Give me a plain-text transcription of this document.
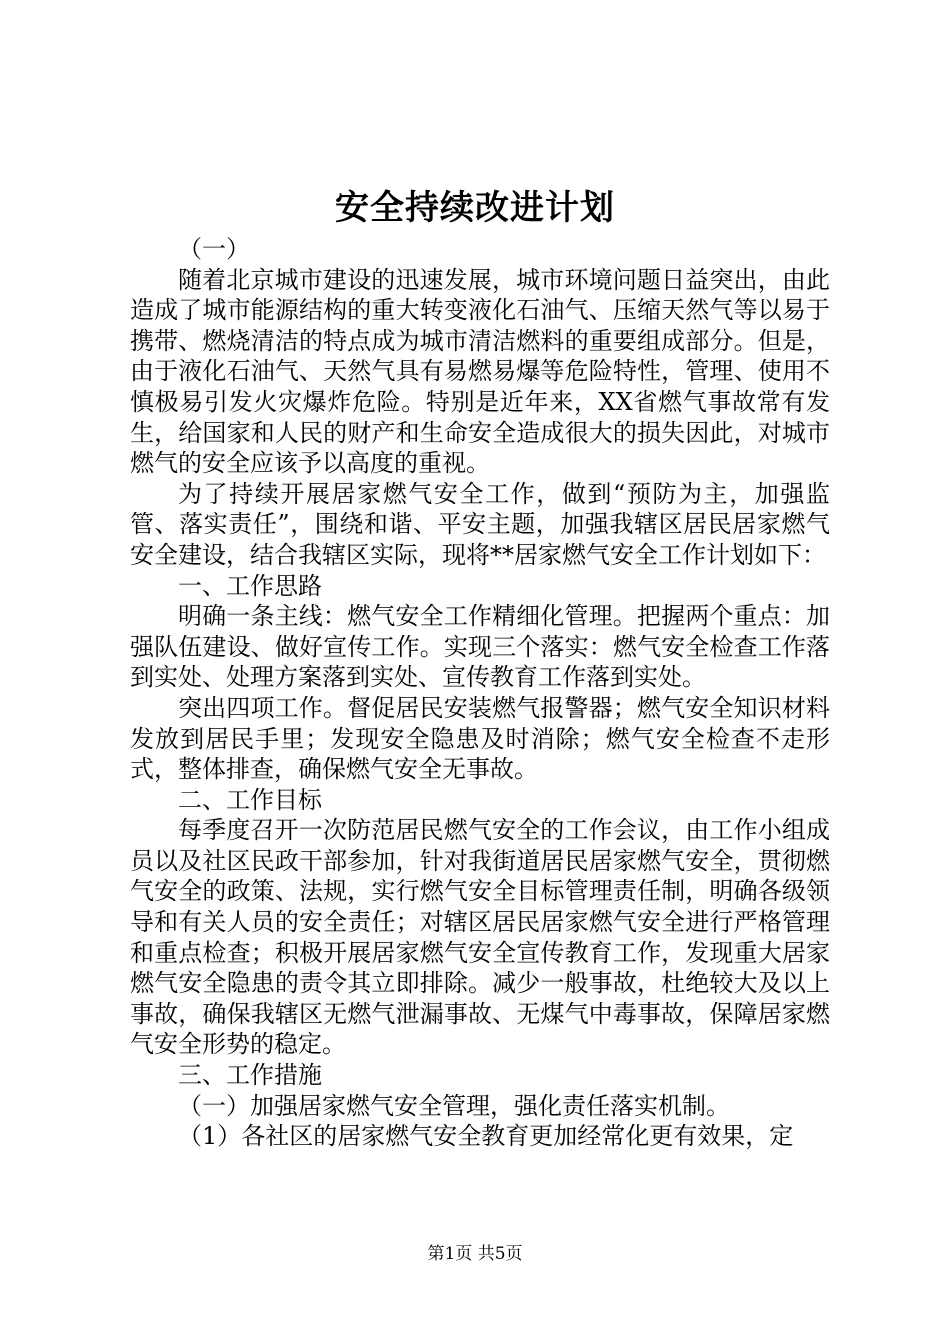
安全持续改进计划

（一）

随着北京城市建设的迅速发展，城市环境问题日益突出，由此造成了城市能源结构的重大转变液化石油气、压缩天然气等以易于携带、燃烧清洁的特点成为城市清洁燃料的重要组成部分。但是，由于液化石油气、天然气具有易燃易爆等危险特性，管理、使用不慎极易引发火灾爆炸危险。特别是近年来，XX省燃气事故常有发生，给国家和人民的财产和生命安全造成很大的损失因此，对城市燃气的安全应该予以高度的重视。

为了持续开展居家燃气安全工作，做到“预防为主，加强监管、落实责任”，围绕和谐、平安主题，加强我辖区居民居家燃气安全建设，结合我辖区实际，现将**居家燃气安全工作计划如下：

一、工作思路

明确一条主线：燃气安全工作精细化管理。把握两个重点：加强队伍建设、做好宣传工作。实现三个落实：燃气安全检查工作落到实处、处理方案落到实处、宣传教育工作落到实处。

突出四项工作。督促居民安装燃气报警器；燃气安全知识材料发放到居民手里；发现安全隐患及时消除；燃气安全检查不走形式，整体排查，确保燃气安全无事故。

二、工作目标

每季度召开一次防范居民燃气安全的工作会议，由工作小组成员以及社区民政干部参加，针对我街道居民居家燃气安全，贯彻燃气安全的政策、法规，实行燃气安全目标管理责任制，明确各级领导和有关人员的安全责任；对辖区居民居家燃气安全进行严格管理和重点检查；积极开展居家燃气安全宣传教育工作，发现重大居家燃气安全隐患的责令其立即排除。减少一般事故，杜绝较大及以上事故，确保我辖区无燃气泄漏事故、无煤气中毒事故，保障居家燃气安全形势的稳定。

三、工作措施

（一）加强居家燃气安全管理，强化责任落实机制。

（1）各社区的居家燃气安全教育更加经常化更有效果，定

第1页 共5页
